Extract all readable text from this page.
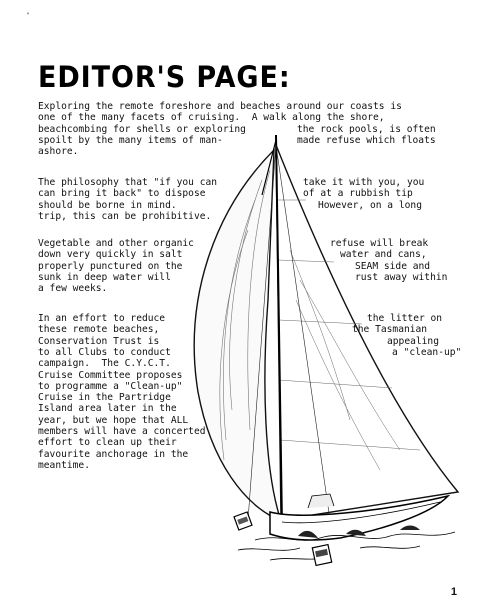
"
EDITOR'S PAGE:
Exploring the remote foreshore and beaches around our coasts is
one of the many facets of cruising.  A walk along the shore,
beachcombing for shells or exploring	the rock pools, is often
spoilt by the many items of man-	made refuse which floats
ashore.
The philosophy that "if you can	take it with you, you
can bring it back" to dispose	of at a rubbish tip
should be borne in mind.	However, on a long
trip, this can be prohibitive.
Vegetable and other organic	refuse will break
down very quickly in salt	water and cans,
properly punctured on the	SEAM side and
sunk in deep water will	rust away within
a few weeks.
In an effort to reduce	the litter on
these remote beaches,	the Tasmanian
Conservation Trust is	appealing
to all Clubs to conduct	a "clean-up"
campaign.  The C.Y.C.T.
Cruise Committee proposes
to programme a "Clean-up"
Cruise in the Partridge
Island area later in the
year, but we hope that ALL
members will have a concerted
effort to clean up their
favourite anchorage in the
meantime.
1
